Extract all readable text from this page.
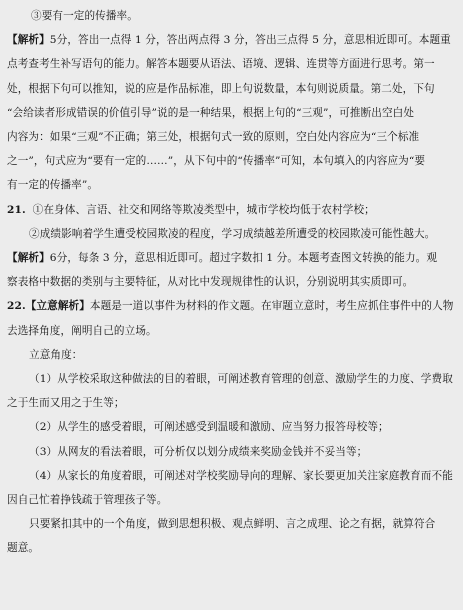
③要有一定的传播率。

【解析】5分，答出一点得 1 分，答出两点得 3 分，答出三点得 5 分，意思相近即可。本题重

点考查考生补写语句的能力。解答本题要从语法、语境、逻辑、连贯等方面进行思考。第一

处，根据下句可以推知，说的应是作品标准，即上句说数量，本句则说质量。第二处，下句

“会给读者形成错误的价值引导”说的是一种结果，根据上句的“三观”，可推断出空白处

内容为：如果“三观”不正确；第三处，根据句式一致的原则，空白处内容应为“三个标准

之一”，句式应为“要有一定的……”，从下句中的“传播率”可知，本句填入的内容应为“要

有一定的传播率”。

21. ①在身体、言语、社交和网络等欺凌类型中，城市学校均低于农村学校；

②成绩影响着学生遭受校园欺凌的程度，学习成绩越差所遭受的校园欺凌可能性越大。

【解析】6分，每条 3 分，意思相近即可。超过字数扣 1 分。本题考查图文转换的能力。观

察表格中数据的类别与主要特征，从对比中发现规律性的认识，分别说明其实质即可。

22.【立意解析】本题是一道以事件为材料的作文题。在审题立意时，考生应抓住事件中的人物

去选择角度，阐明自己的立场。

立意角度：

（1）从学校采取这种做法的目的着眼，可阐述教育管理的创意、激励学生的力度、学费取

之于生而又用之于生等；

（2）从学生的感受着眼，可阐述感受到温暖和激励、应当努力报答母校等；

（3）从网友的看法着眼，可分析仅以划分成绩来奖励金钱并不妥当等；

（4）从家长的角度着眼，可阐述对学校奖励导向的理解、家长要更加关注家庭教育而不能

因自己忙着挣钱疏于管理孩子等。

只要紧扣其中的一个角度，做到思想积极、观点鲜明、言之成理、论之有据，就算符合

题意。
